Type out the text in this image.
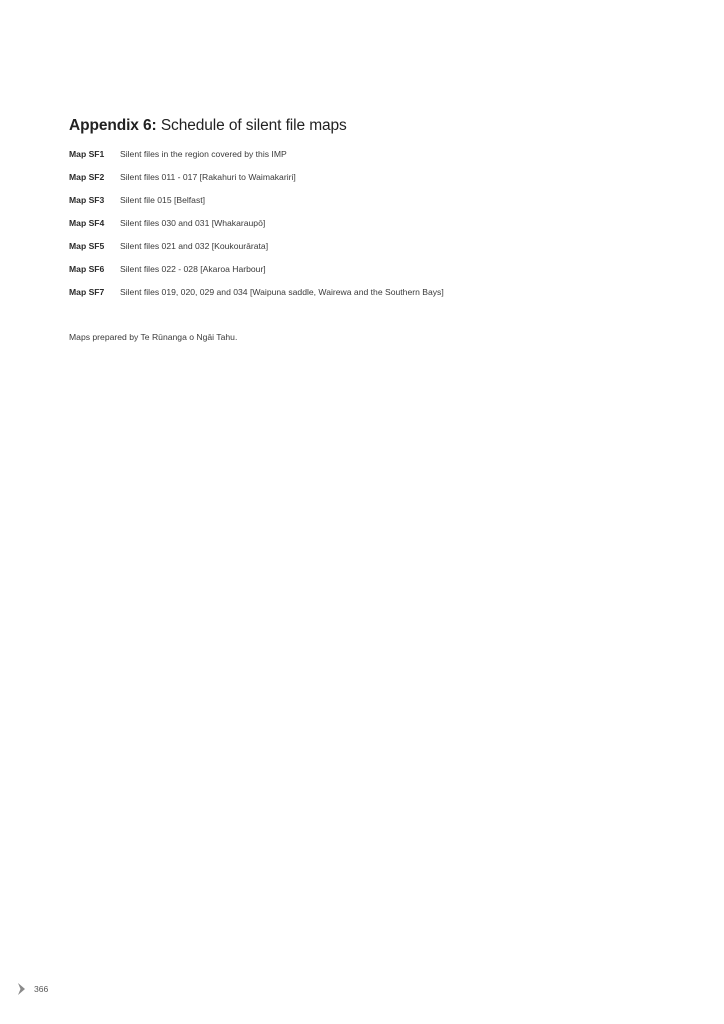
Appendix 6: Schedule of silent file maps
Map SF1	Silent files in the region covered by this IMP
Map SF2	Silent files 011 - 017 [Rakahuri to Waimakariri]
Map SF3	Silent file 015 [Belfast]
Map SF4	Silent files 030 and 031 [Whakaraupō]
Map SF5	Silent files 021 and 032 [Koukourārata]
Map SF6	Silent files 022 - 028 [Akaroa Harbour]
Map SF7	Silent files 019, 020, 029 and 034 [Waipuna saddle, Wairewa and the Southern Bays]

Maps prepared by Te Rūnanga o Ngāi Tahu.

366
